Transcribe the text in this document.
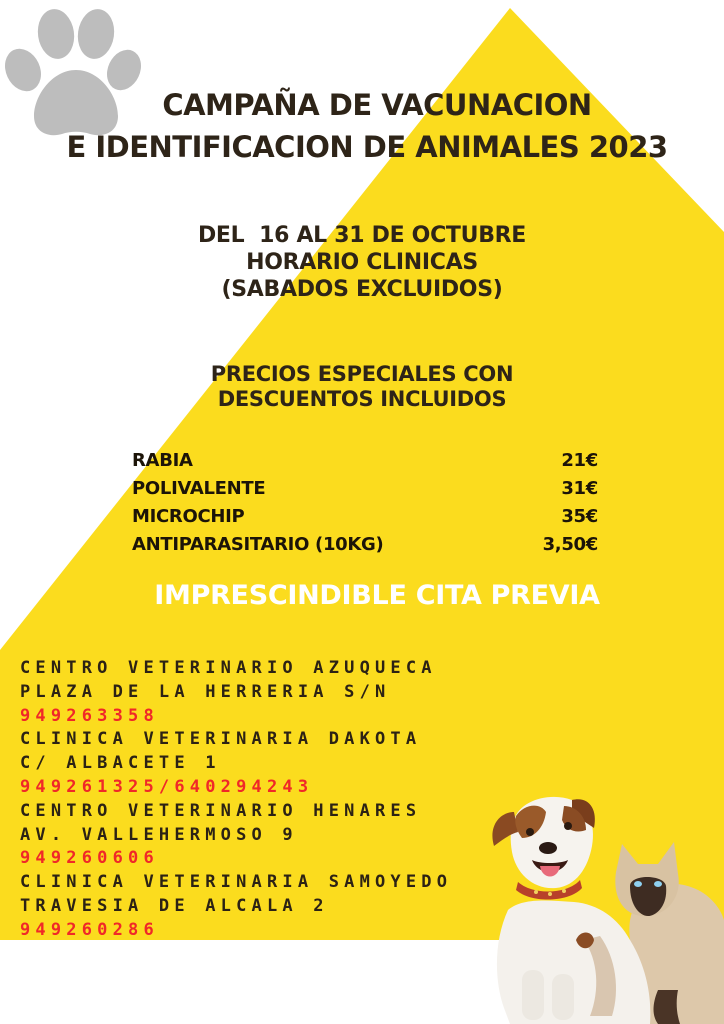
CAMPAÑA DE VACUNACION
E IDENTIFICACION DE ANIMALES 2023
DEL  16 AL 31 DE OCTUBRE
HORARIO CLINICAS
(SABADOS EXCLUIDOS)
PRECIOS ESPECIALES CON
DESCUENTOS INCLUIDOS
RABIA	21€
POLIVALENTE	31€
MICROCHIP	35€
ANTIPARASITARIO (10KG)	3,50€
IMPRESCINDIBLE CITA PREVIA
CENTRO VETERINARIO AZUQUECA
PLAZA DE LA HERRERIA S/N
949263358
CLINICA VETERINARIA DAKOTA
C/ ALBACETE 1
949261325/640294243
CENTRO VETERINARIO HENARES
AV. VALLEHERMOSO 9
949260606
CLINICA VETERINARIA SAMOYEDO
TRAVESIA DE ALCALA 2
949260286
